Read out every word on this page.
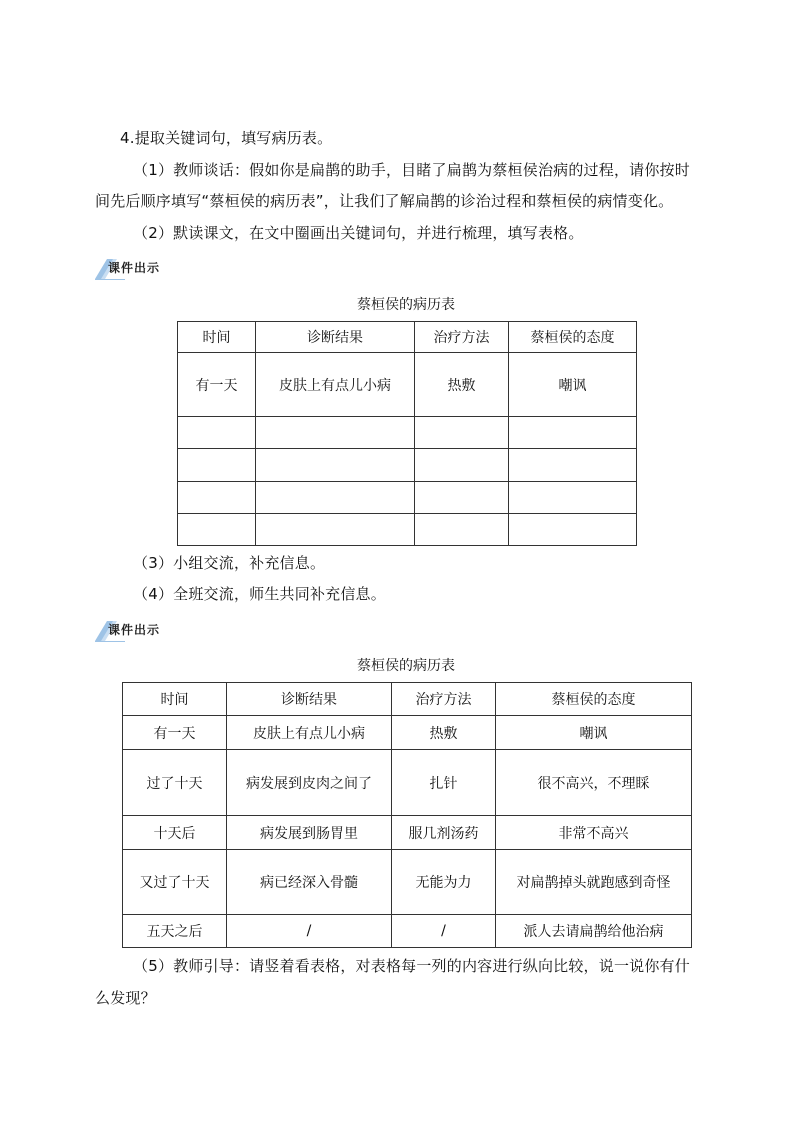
4.提取关键词句，填写病历表。
（1）教师谈话：假如你是扁鹊的助手，目睹了扁鹊为蔡桓侯治病的过程，请你按时
间先后顺序填写“蔡桓侯的病历表”，让我们了解扁鹊的诊治过程和蔡桓侯的病情变化。
（2）默读课文，在文中圈画出关键词句，并进行梳理，填写表格。
课件出示
蔡桓侯的病历表
时间	诊断结果	治疗方法	蔡桓侯的态度
有一天	皮肤上有点儿小病	热敷	嘲讽

（3）小组交流，补充信息。
（4）全班交流，师生共同补充信息。
课件出示
蔡桓侯的病历表
时间	诊断结果	治疗方法	蔡桓侯的态度
有一天	皮肤上有点儿小病	热敷	嘲讽
过了十天	病发展到皮肉之间了	扎针	很不高兴，不理睬
十天后	病发展到肠胃里	服几剂汤药	非常不高兴
又过了十天	病已经深入骨髓	无能为力	对扁鹊掉头就跑感到奇怪
五天之后	/	/	派人去请扁鹊给他治病
（5）教师引导：请竖着看表格，对表格每一列的内容进行纵向比较，说一说你有什
么发现？
